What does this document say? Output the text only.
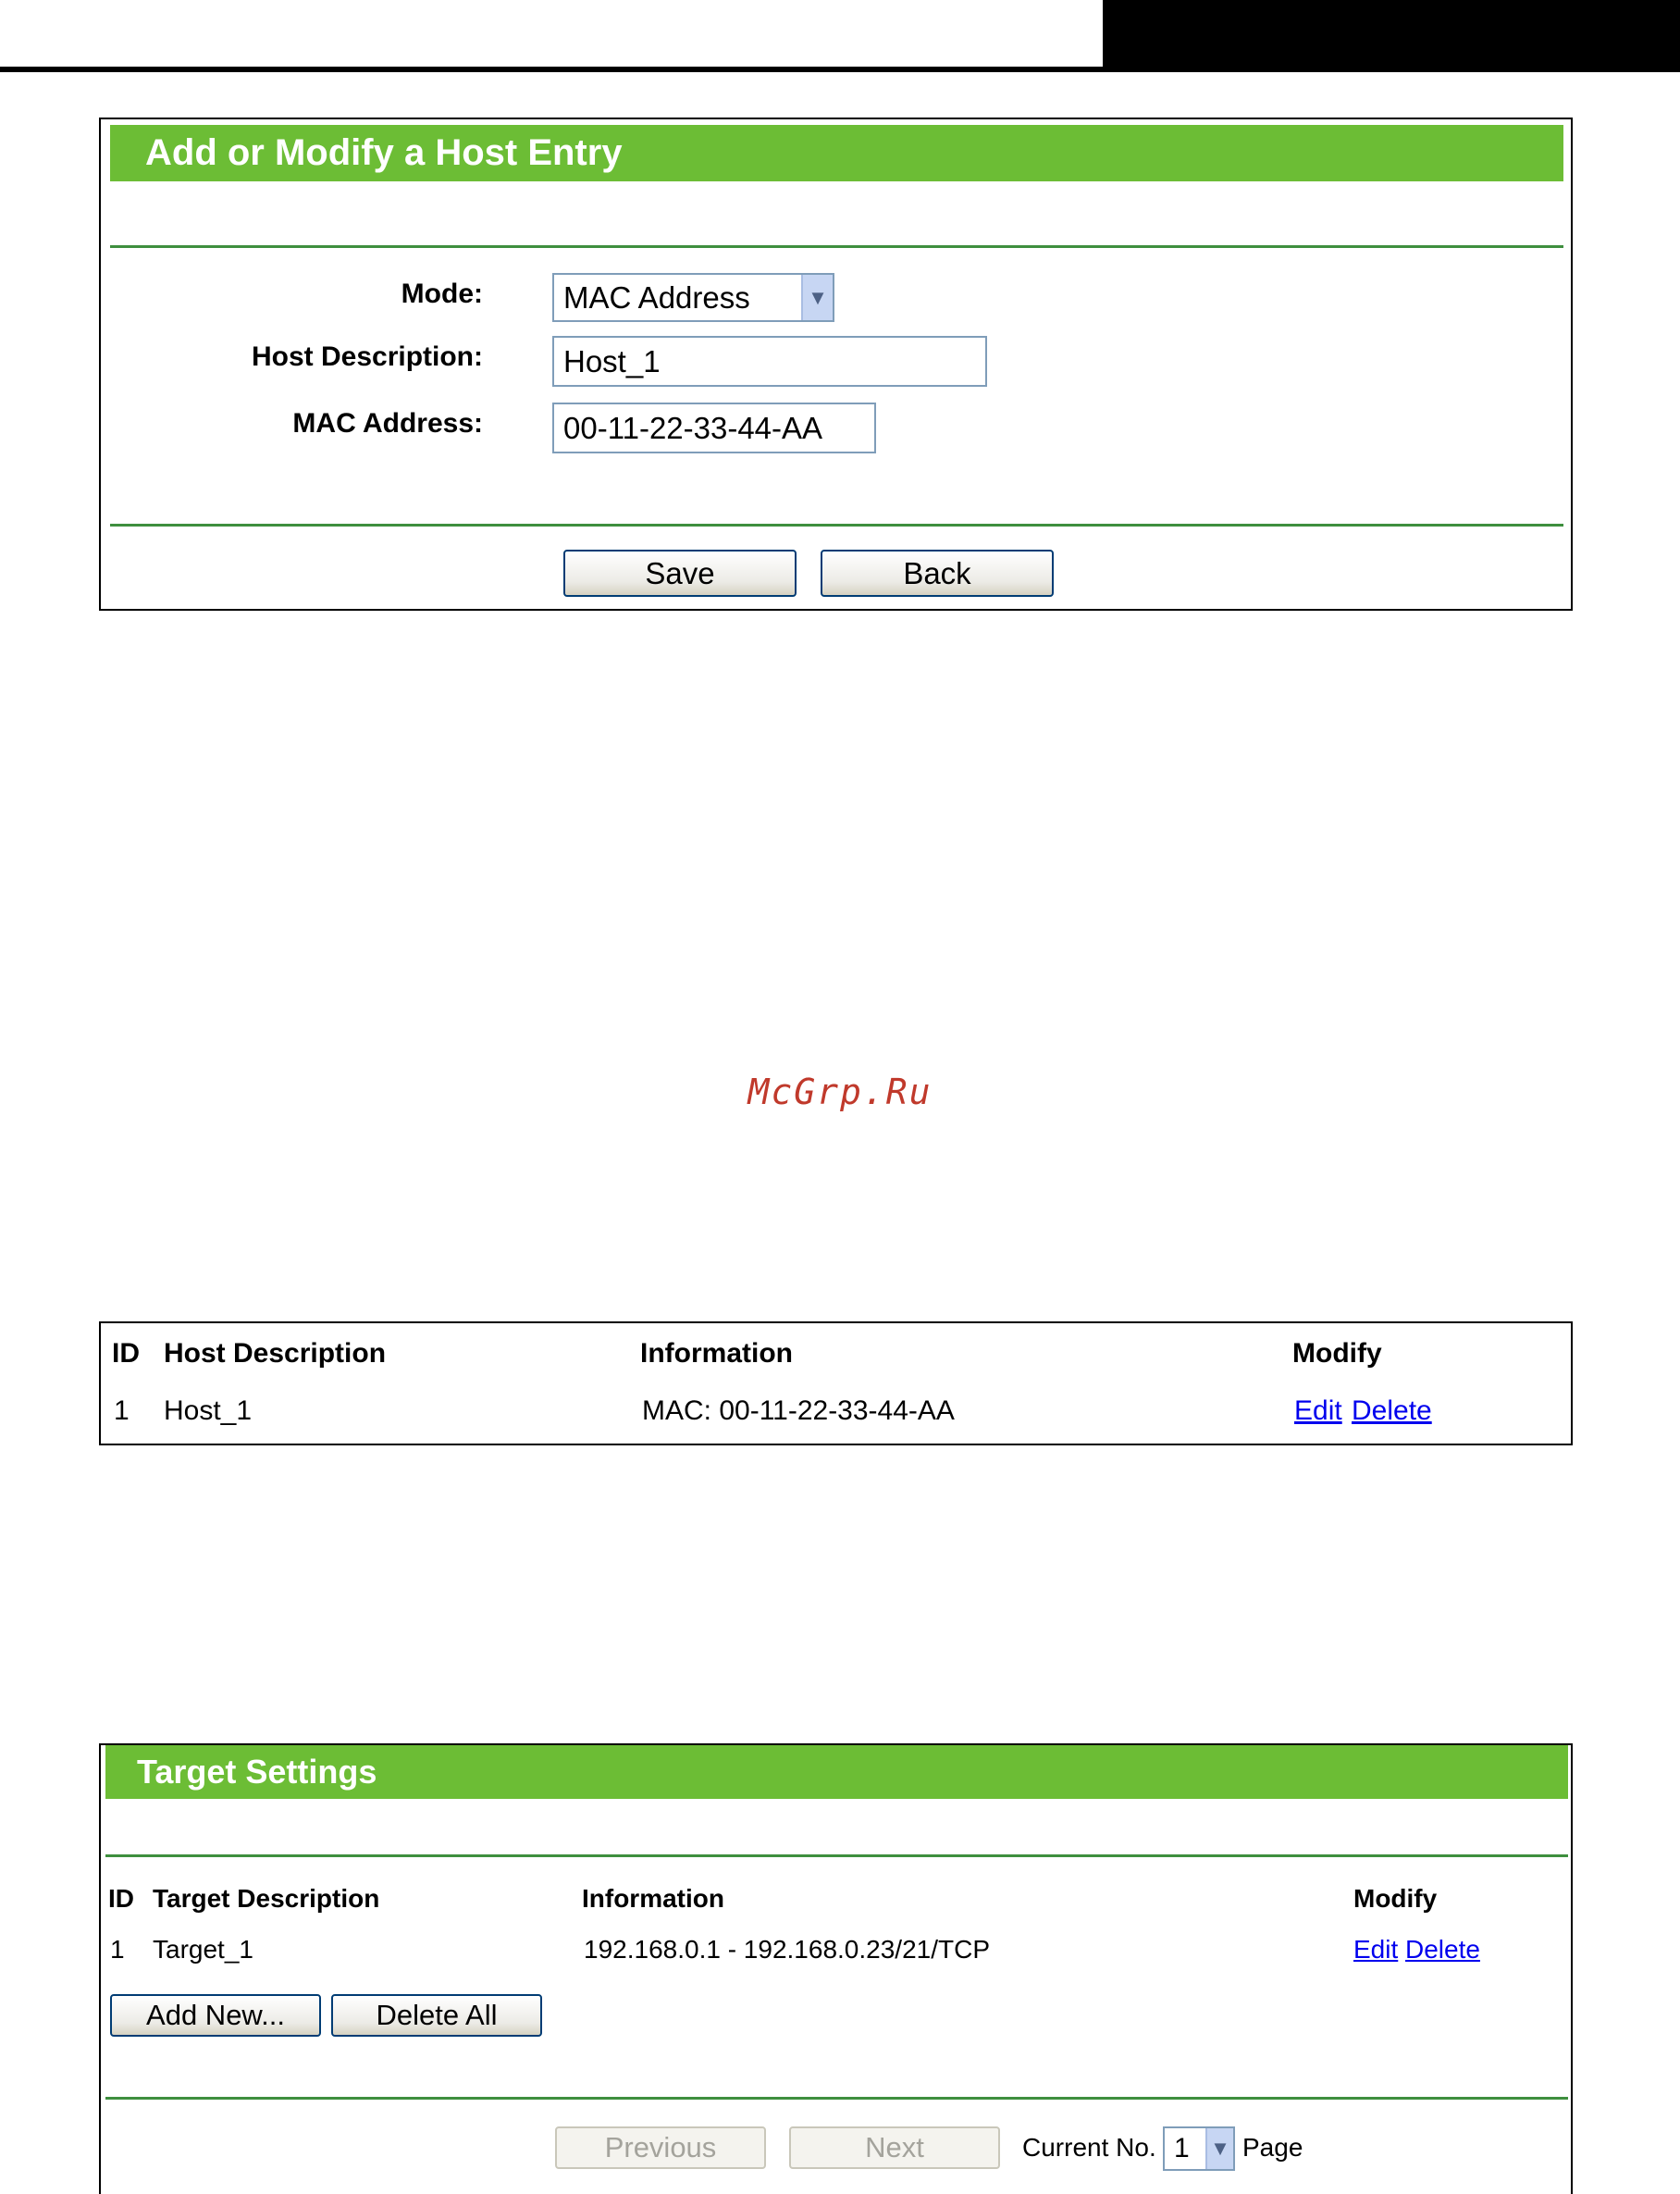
Add or Modify a Host Entry
Mode:	MAC Address	▼
Host Description:	Host_1
MAC Address:	00-11-22-33-44-AA
Save	Back
McGrp.Ru
ID Host Description	Information	Modify
1 Host_1	MAC: 00-11-22-33-44-AA	Edit Delete
Target Settings
ID Target Description	Information	Modify
1 Target_1	192.168.0.1 - 192.168.0.23/21/TCP	Edit Delete
Add New...	Delete All
Previous	Next	Current No. 1	▼ Page
